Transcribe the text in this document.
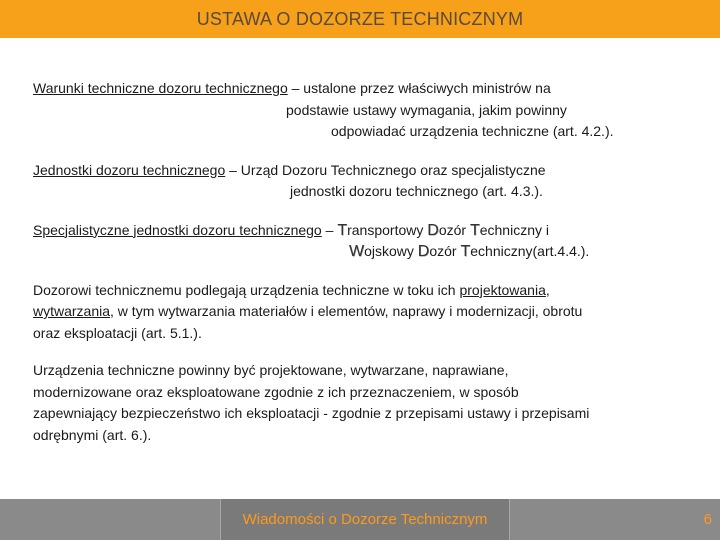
USTAWA O DOZORZE TECHNICZNYM
Warunki techniczne dozoru technicznego – ustalone przez właściwych ministrów na
podstawie ustawy wymagania, jakim powinny
odpowiadać urządzenia techniczne (art. 4.2.).
Jednostki dozoru technicznego – Urząd Dozoru Technicznego oraz specjalistyczne
jednostki dozoru technicznego (art. 4.3.).
Specjalistyczne jednostki dozoru technicznego – Transportowy Dozór Techniczny i
Wojskowy Dozór Techniczny(art.4.4.).
Dozorowi technicznemu podlegają urządzenia techniczne w toku ich projektowania,
wytwarzania, w tym wytwarzania materiałów i elementów, naprawy i modernizacji, obrotu
oraz eksploatacji (art. 5.1.).
Urządzenia techniczne powinny być projektowane, wytwarzane, naprawiane,
modernizowane oraz eksploatowane zgodnie z ich przeznaczeniem, w sposób
zapewniający bezpieczeństwo ich eksploatacji - zgodnie z przepisami ustawy i przepisami
odrębnymi (art. 6.).
Wiadomości o Dozorze Technicznym	6
